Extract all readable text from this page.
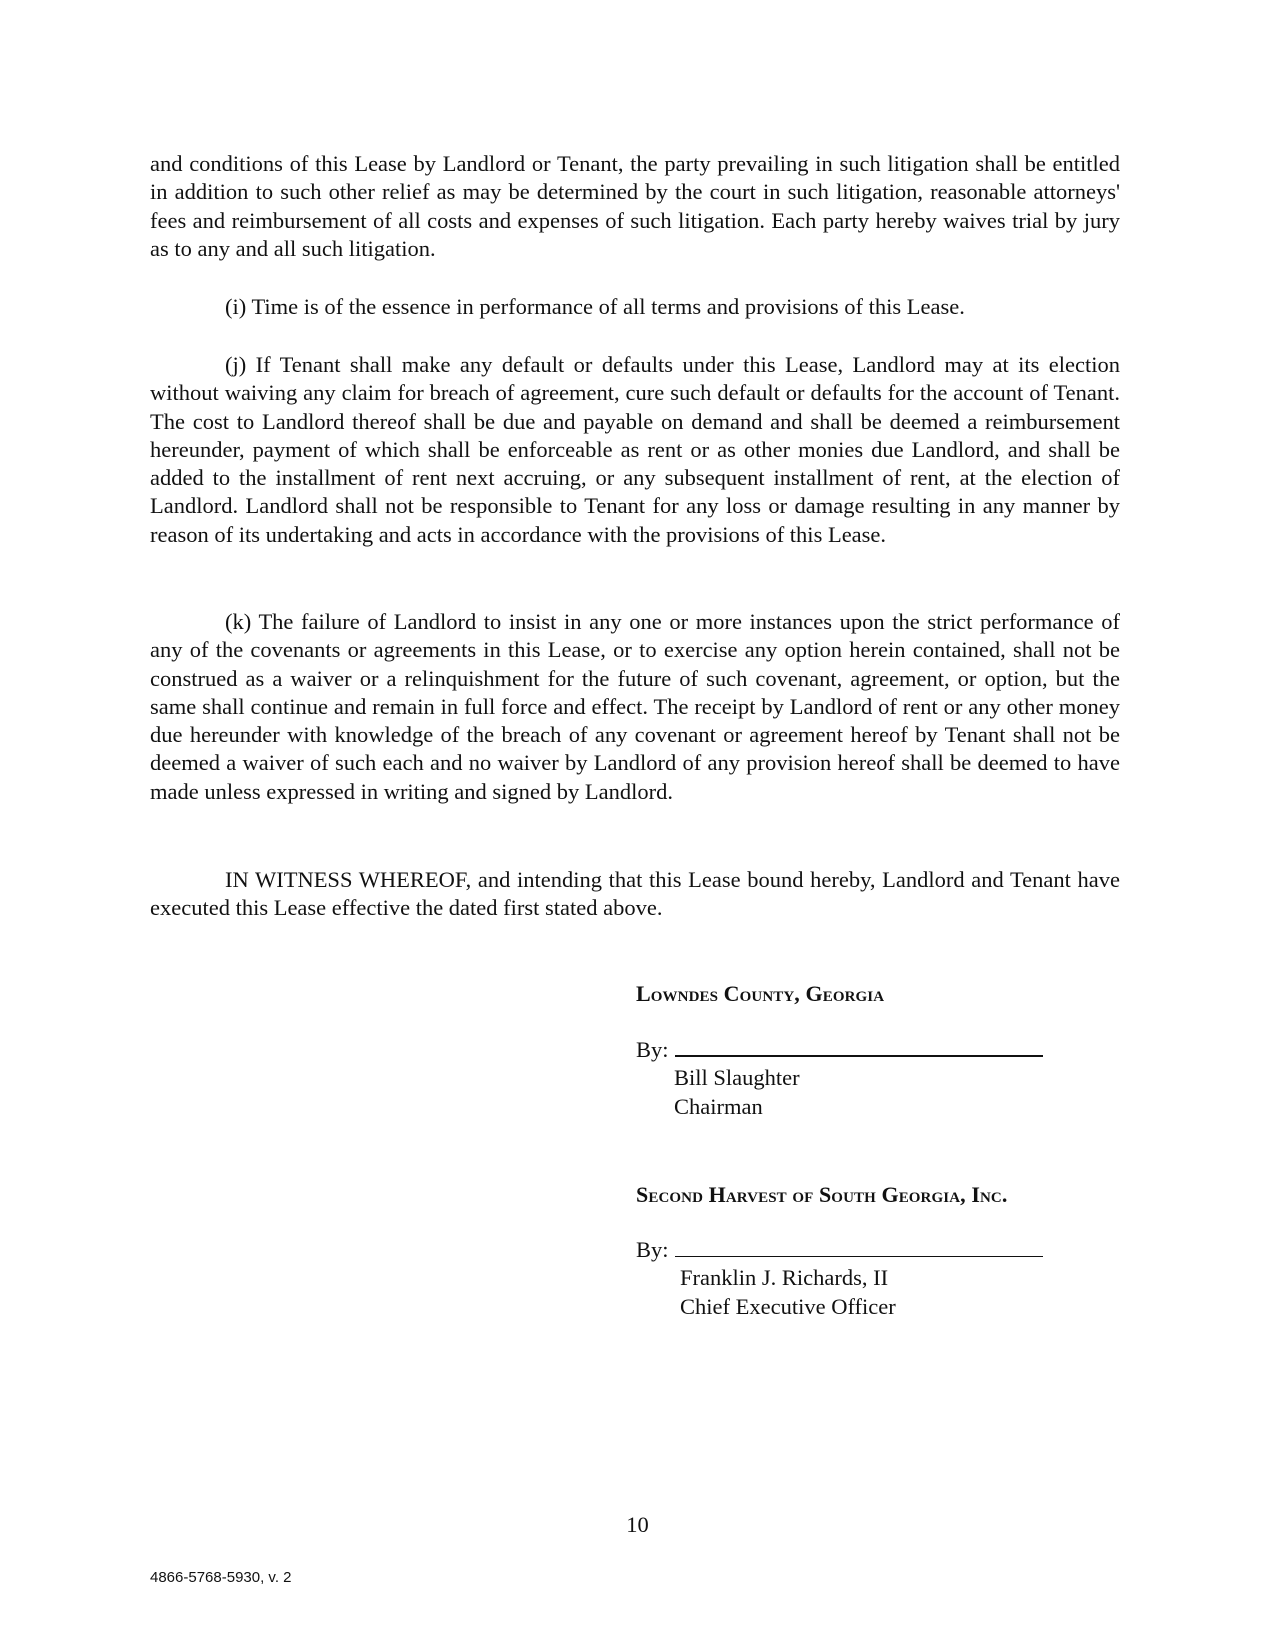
and conditions of this Lease by Landlord or Tenant, the party prevailing in such litigation shall be entitled in addition to such other relief as may be determined by the court in such litigation, reasonable attorneys' fees and reimbursement of all costs and expenses of such litigation. Each party hereby waives trial by jury as to any and all such litigation.

(i) Time is of the essence in performance of all terms and provisions of this Lease.

(j) If Tenant shall make any default or defaults under this Lease, Landlord may at its election without waiving any claim for breach of agreement, cure such default or defaults for the account of Tenant. The cost to Landlord thereof shall be due and payable on demand and shall be deemed a reimbursement hereunder, payment of which shall be enforceable as rent or as other monies due Landlord, and shall be added to the installment of rent next accruing, or any subsequent installment of rent, at the election of Landlord. Landlord shall not be responsible to Tenant for any loss or damage resulting in any manner by reason of its undertaking and acts in accordance with the provisions of this Lease.

(k) The failure of Landlord to insist in any one or more instances upon the strict performance of any of the covenants or agreements in this Lease, or to exercise any option herein contained, shall not be construed as a waiver or a relinquishment for the future of such covenant, agreement, or option, but the same shall continue and remain in full force and effect. The receipt by Landlord of rent or any other money due hereunder with knowledge of the breach of any covenant or agreement hereof by Tenant shall not be deemed a waiver of such each and no waiver by Landlord of any provision hereof shall be deemed to have made unless expressed in writing and signed by Landlord.

IN WITNESS WHEREOF, and intending that this Lease bound hereby, Landlord and Tenant have executed this Lease effective the dated first stated above.

Lowndes County, Georgia
By:
Bill Slaughter
Chairman
Second Harvest of South Georgia, Inc.
By:
Franklin J. Richards, II
Chief Executive Officer

10

4866-5768-5930, v. 2
